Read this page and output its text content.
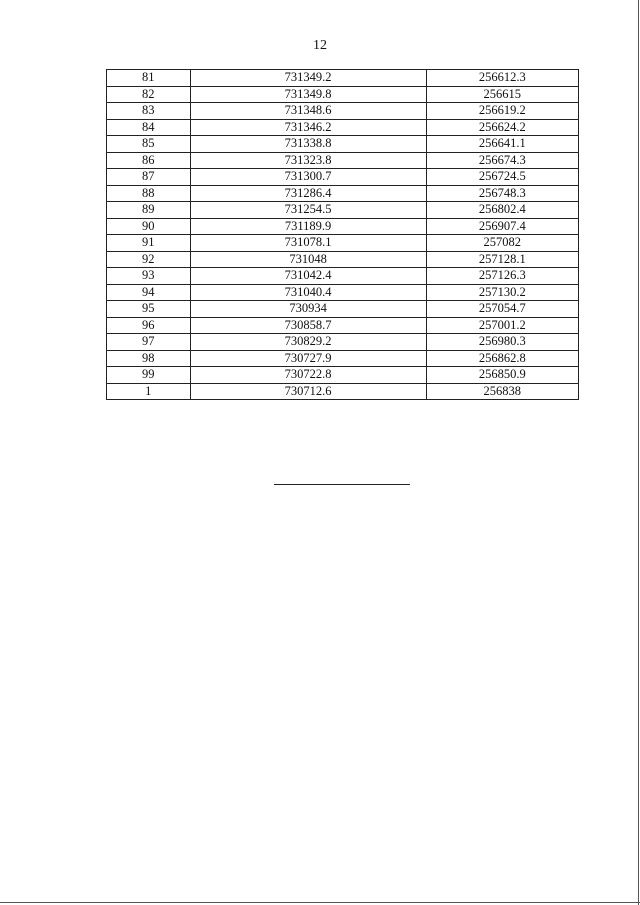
12
81	731349.2	256612.3
82	731349.8	256615
83	731348.6	256619.2
84	731346.2	256624.2
85	731338.8	256641.1
86	731323.8	256674.3
87	731300.7	256724.5
88	731286.4	256748.3
89	731254.5	256802.4
90	731189.9	256907.4
91	731078.1	257082
92	731048	257128.1
93	731042.4	257126.3
94	731040.4	257130.2
95	730934	257054.7
96	730858.7	257001.2
97	730829.2	256980.3
98	730727.9	256862.8
99	730722.8	256850.9
1	730712.6	256838
